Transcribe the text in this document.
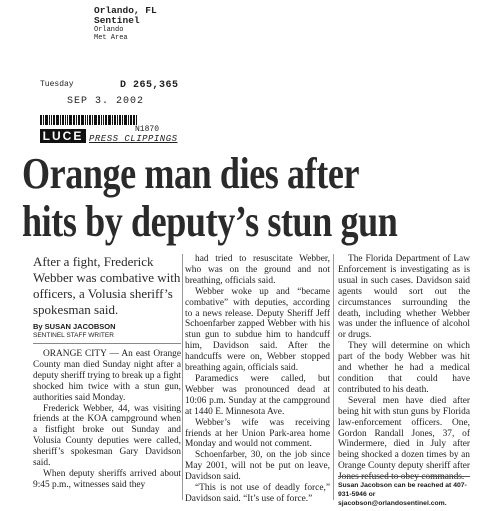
Orlando, FL
Sentinel
Orlando
Met Area
Tuesday	D 265,365
SEP 3. 2002
LUCE PRESS CLIPPINGS
N1870
Orange man dies after
hits by deputy’s stun gun
After a fight, Frederick Webber was combative with officers, a Volusia sheriff’s spokesman said.
By SUSAN JACOBSON
SENTINEL STAFF WRITER

ORANGE CITY — An east Orange County man died Sunday night after a deputy sheriff trying to break up a fight shocked him twice with a stun gun, authorities said Monday.

Frederick Webber, 44, was visiting friends at the KOA campground when a fistfight broke out Sunday and Volusia County deputies were called, sheriff’s spokesman Gary Davidson said.

When deputy sheriffs arrived about 9:45 p.m., witnesses said they

had tried to resuscitate Webber, who was on the ground and not breathing, officials said.

Webber woke up and “became combative” with deputies, according to a news release. Deputy Sheriff Jeff Schoenfarber zapped Webber with his stun gun to subdue him to handcuff him, Davidson said. After the handcuffs were on, Webber stopped breathing again, officials said.

Paramedics were called, but Webber was pronounced dead at 10:06 p.m. Sunday at the campground at 1440 E. Minnesota Ave.

Webber’s wife was receiving friends at her Union Park-area home Monday and would not comment.

Schoenfarber, 30, on the job since May 2001, will not be put on leave, Davidson said.

“This is not use of deadly force,” Davidson said. “It’s use of force.”

The Florida Department of Law Enforcement is investigating as is usual in such cases. Davidson said agents would sort out the circumstances surrounding the death, including whether Webber was under the influence of alcohol or drugs.

They will determine on which part of the body Webber was hit and whether he had a medical condition that could have contributed to his death.

Several men have died after being hit with stun guns by Florida law-enforcement officers. One, Gordon Randall Jones, 37, of Windermere, died in July after being shocked a dozen times by an Orange County deputy sheriff after Jones refused to obey commands.

Susan Jacobson can be reached at 407-931-5946 or sjacobson@orlandosentinel.com.
